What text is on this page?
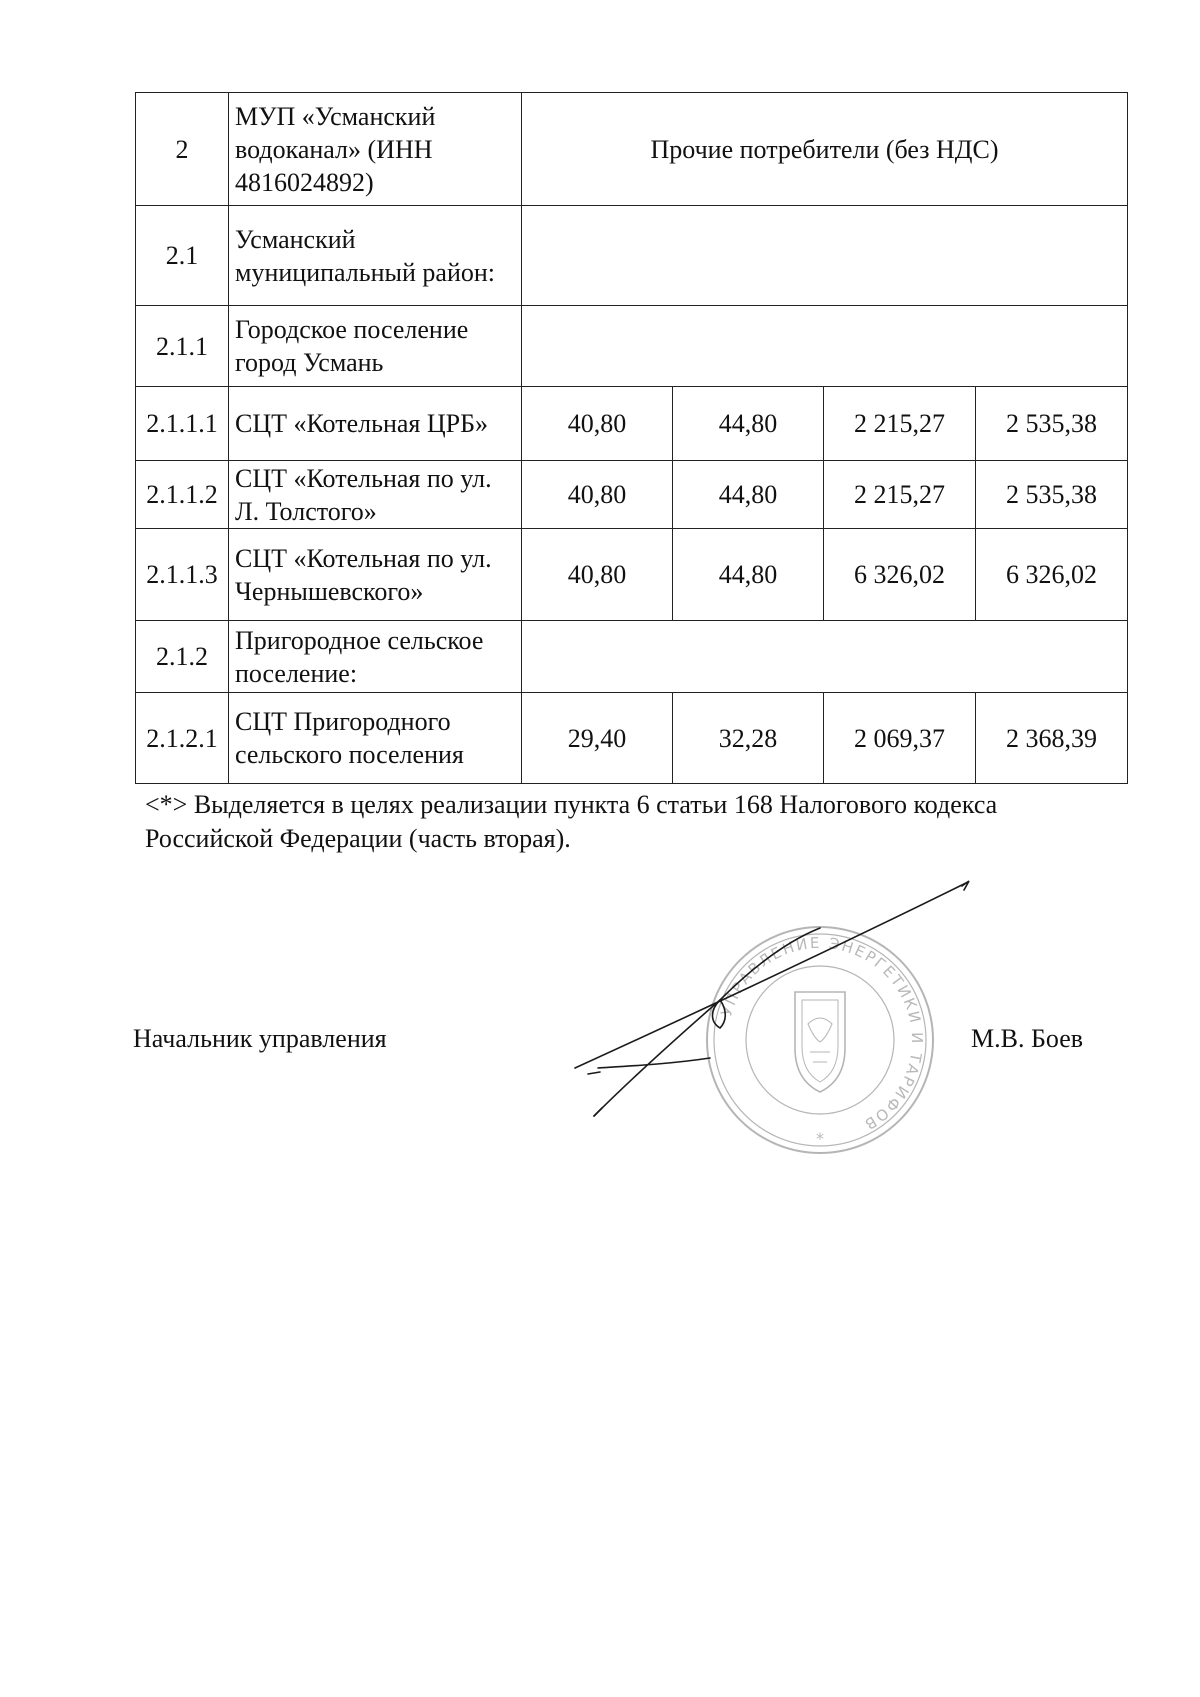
2	МУП «Усманский водоканал» (ИНН 4816024892)	Прочие потребители (без НДС)			
2.1	Усманский муниципальный район:				
2.1.1	Городское поселение город Усмань				
2.1.1.1	СЦТ «Котельная ЦРБ»	40,80	44,80	2 215,27	2 535,38
2.1.1.2	СЦТ «Котельная по ул. Л. Толстого»	40,80	44,80	2 215,27	2 535,38
2.1.1.3	СЦТ «Котельная по ул. Чернышевского»	40,80	44,80	6 326,02	6 326,02
2.1.2	Пригородное сельское поселение:				
2.1.2.1	СЦТ Пригородного сельского поселения	29,40	32,28	2 069,37	2 368,39
<*> Выделяется в целях реализации пункта 6 статьи 168 Налогового кодекса Российской Федерации (часть вторая).
Начальник управления	М.В. Боев
УПРАВЛЕНИЕ ЭНЕРГЕТИКИ И ТАРИФОВ
*
